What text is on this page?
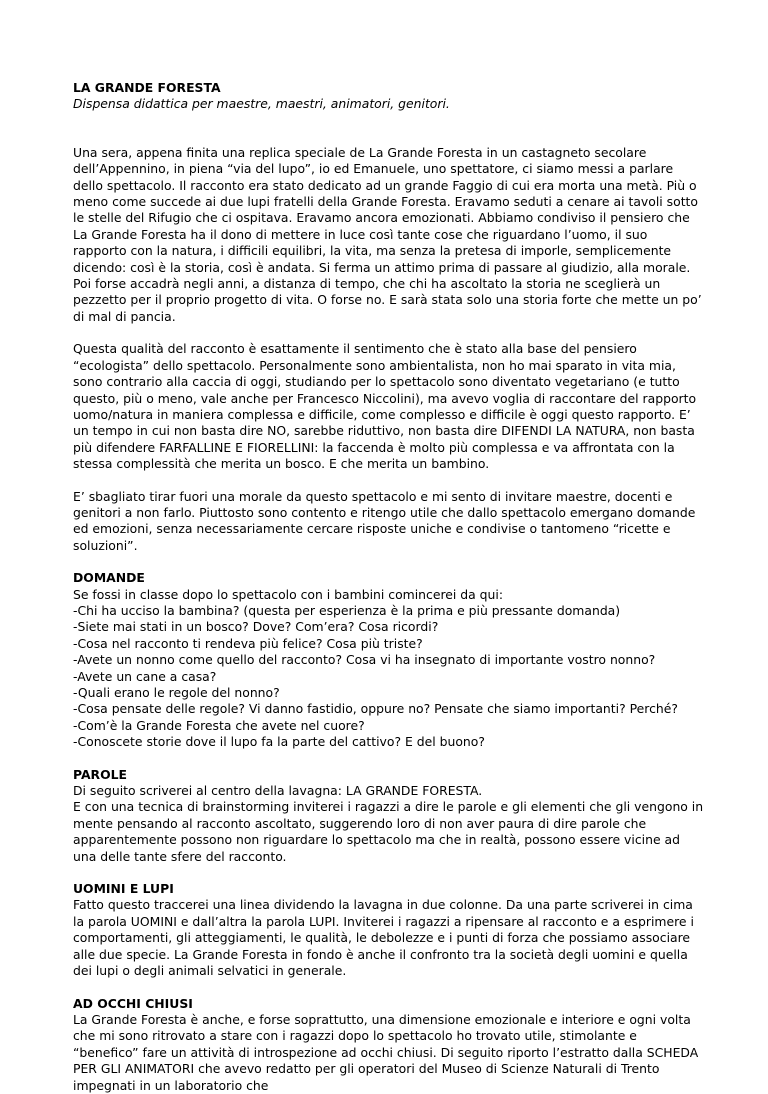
LA GRANDE FORESTA
Dispensa didattica per maestre, maestri, animatori, genitori.

Una sera, appena finita una replica speciale de La Grande Foresta in un castagneto secolare dell’Appennino, in piena “via del lupo”, io ed Emanuele, uno spettatore, ci siamo messi a parlare dello spettacolo. Il racconto era stato dedicato ad un grande Faggio di cui era morta una metà. Più o meno come succede ai due lupi fratelli della Grande Foresta. Eravamo seduti a cenare ai tavoli sotto le stelle del Rifugio che ci ospitava. Eravamo ancora emozionati. Abbiamo condiviso il pensiero che La Grande Foresta ha il dono di mettere in luce così tante cose che riguardano l’uomo, il suo rapporto con la natura, i difficili equilibri, la vita, ma senza la pretesa di imporle, semplicemente dicendo: così è la storia, così è andata. Si ferma un attimo prima di passare al giudizio, alla morale. Poi forse accadrà negli anni, a distanza di tempo, che chi ha ascoltato la storia ne sceglierà un pezzetto per il proprio progetto di vita. O forse no. E sarà stata solo una storia forte che mette un po’ di mal di pancia.

Questa qualità del racconto è esattamente il sentimento che è stato alla base del pensiero “ecologista” dello spettacolo. Personalmente sono ambientalista, non ho mai sparato in vita mia, sono contrario alla caccia di oggi, studiando per lo spettacolo sono diventato vegetariano (e tutto questo, più o meno, vale anche per Francesco Niccolini), ma avevo voglia di raccontare del rapporto uomo/natura in maniera complessa e difficile, come complesso e difficile è oggi questo rapporto. E’ un tempo in cui non basta dire NO, sarebbe riduttivo, non basta dire DIFENDI LA NATURA, non basta più difendere FARFALLINE E FIORELLINI: la faccenda è molto più complessa e va affrontata con la stessa complessità che merita un bosco. E che merita un bambino.

E’ sbagliato tirar fuori una morale da questo spettacolo e mi sento di invitare maestre, docenti e genitori a non farlo. Piuttosto sono contento e ritengo utile che dallo spettacolo emergano domande ed emozioni, senza necessariamente cercare risposte uniche e condivise o tantomeno “ricette e soluzioni”.

DOMANDE
Se fossi in classe dopo lo spettacolo con i bambini comincerei da qui:
-Chi ha ucciso la bambina? (questa per esperienza è la prima e più pressante domanda)
-Siete mai stati in un bosco? Dove? Com’era? Cosa ricordi?
-Cosa nel racconto ti rendeva più felice? Cosa più triste?
-Avete un nonno come quello del racconto? Cosa vi ha insegnato di importante vostro nonno?
-Avete un cane a casa?
-Quali erano le regole del nonno?
-Cosa pensate delle regole? Vi danno fastidio, oppure no? Pensate che siamo importanti? Perché?
-Com’è la Grande Foresta che avete nel cuore?
-Conoscete storie dove il lupo fa la parte del cattivo? E del buono?
PAROLE
Di seguito scriverei al centro della lavagna: LA GRANDE FORESTA.
E con una tecnica di brainstorming inviterei i ragazzi a dire le parole e gli elementi che gli vengono in mente pensando al racconto ascoltato, suggerendo loro di non aver paura di dire parole che apparentemente possono non riguardare lo spettacolo ma che in realtà, possono essere vicine ad una delle tante sfere del racconto.
UOMINI E LUPI
Fatto questo traccerei una linea dividendo la lavagna in due colonne. Da una parte scriverei in cima la parola UOMINI e dall’altra la parola LUPI. Inviterei i ragazzi a ripensare al racconto e a esprimere i comportamenti, gli atteggiamenti, le qualità, le debolezze e i punti di forza che possiamo associare alle due specie. La Grande Foresta in fondo è anche il confronto tra la società degli uomini e quella dei lupi o degli animali selvatici in generale.
AD OCCHI CHIUSI
La Grande Foresta è anche, e forse soprattutto, una dimensione emozionale e interiore e ogni volta che mi sono ritrovato a stare con i ragazzi dopo lo spettacolo ho trovato utile, stimolante e “benefico” fare un attività di introspezione ad occhi chiusi. Di seguito riporto l’estratto dalla SCHEDA PER GLI ANIMATORI che avevo redatto per gli operatori del Museo di Scienze Naturali di Trento impegnati in un laboratorio che
